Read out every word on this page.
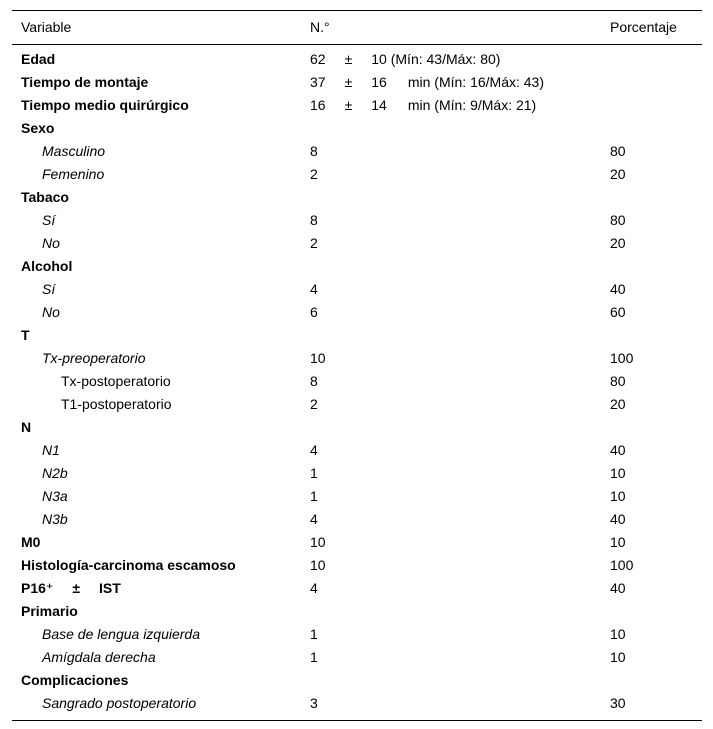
Variable	N.°	Porcentaje
Edad	62 ± 10 (Mín: 43/Máx: 80)
Tiempo de montaje	37 ± 16 min (Mín: 16/Máx: 43)
Tiempo medio quirúrgico	16 ± 14 min (Mín: 9/Máx: 21)
Sexo
Masculino	8	80
Femenino	2	20
Tabaco
Sí	8	80
No	2	20
Alcohol
Sí	4	40
No	6	60
T
Tx-preoperatorio	10	100
Tx-postoperatorio	8	80
T1-postoperatorio	2	20
N
N1	4	40
N2b	1	10
N3a	1	10
N3b	4	40
M0	10	10
Histología-carcinoma escamoso	10	100
P16⁺ ± IST	4	40
Primario
Base de lengua izquierda	1	10
Amígdala derecha	1	10
Complicaciones
Sangrado postoperatorio	3	30
